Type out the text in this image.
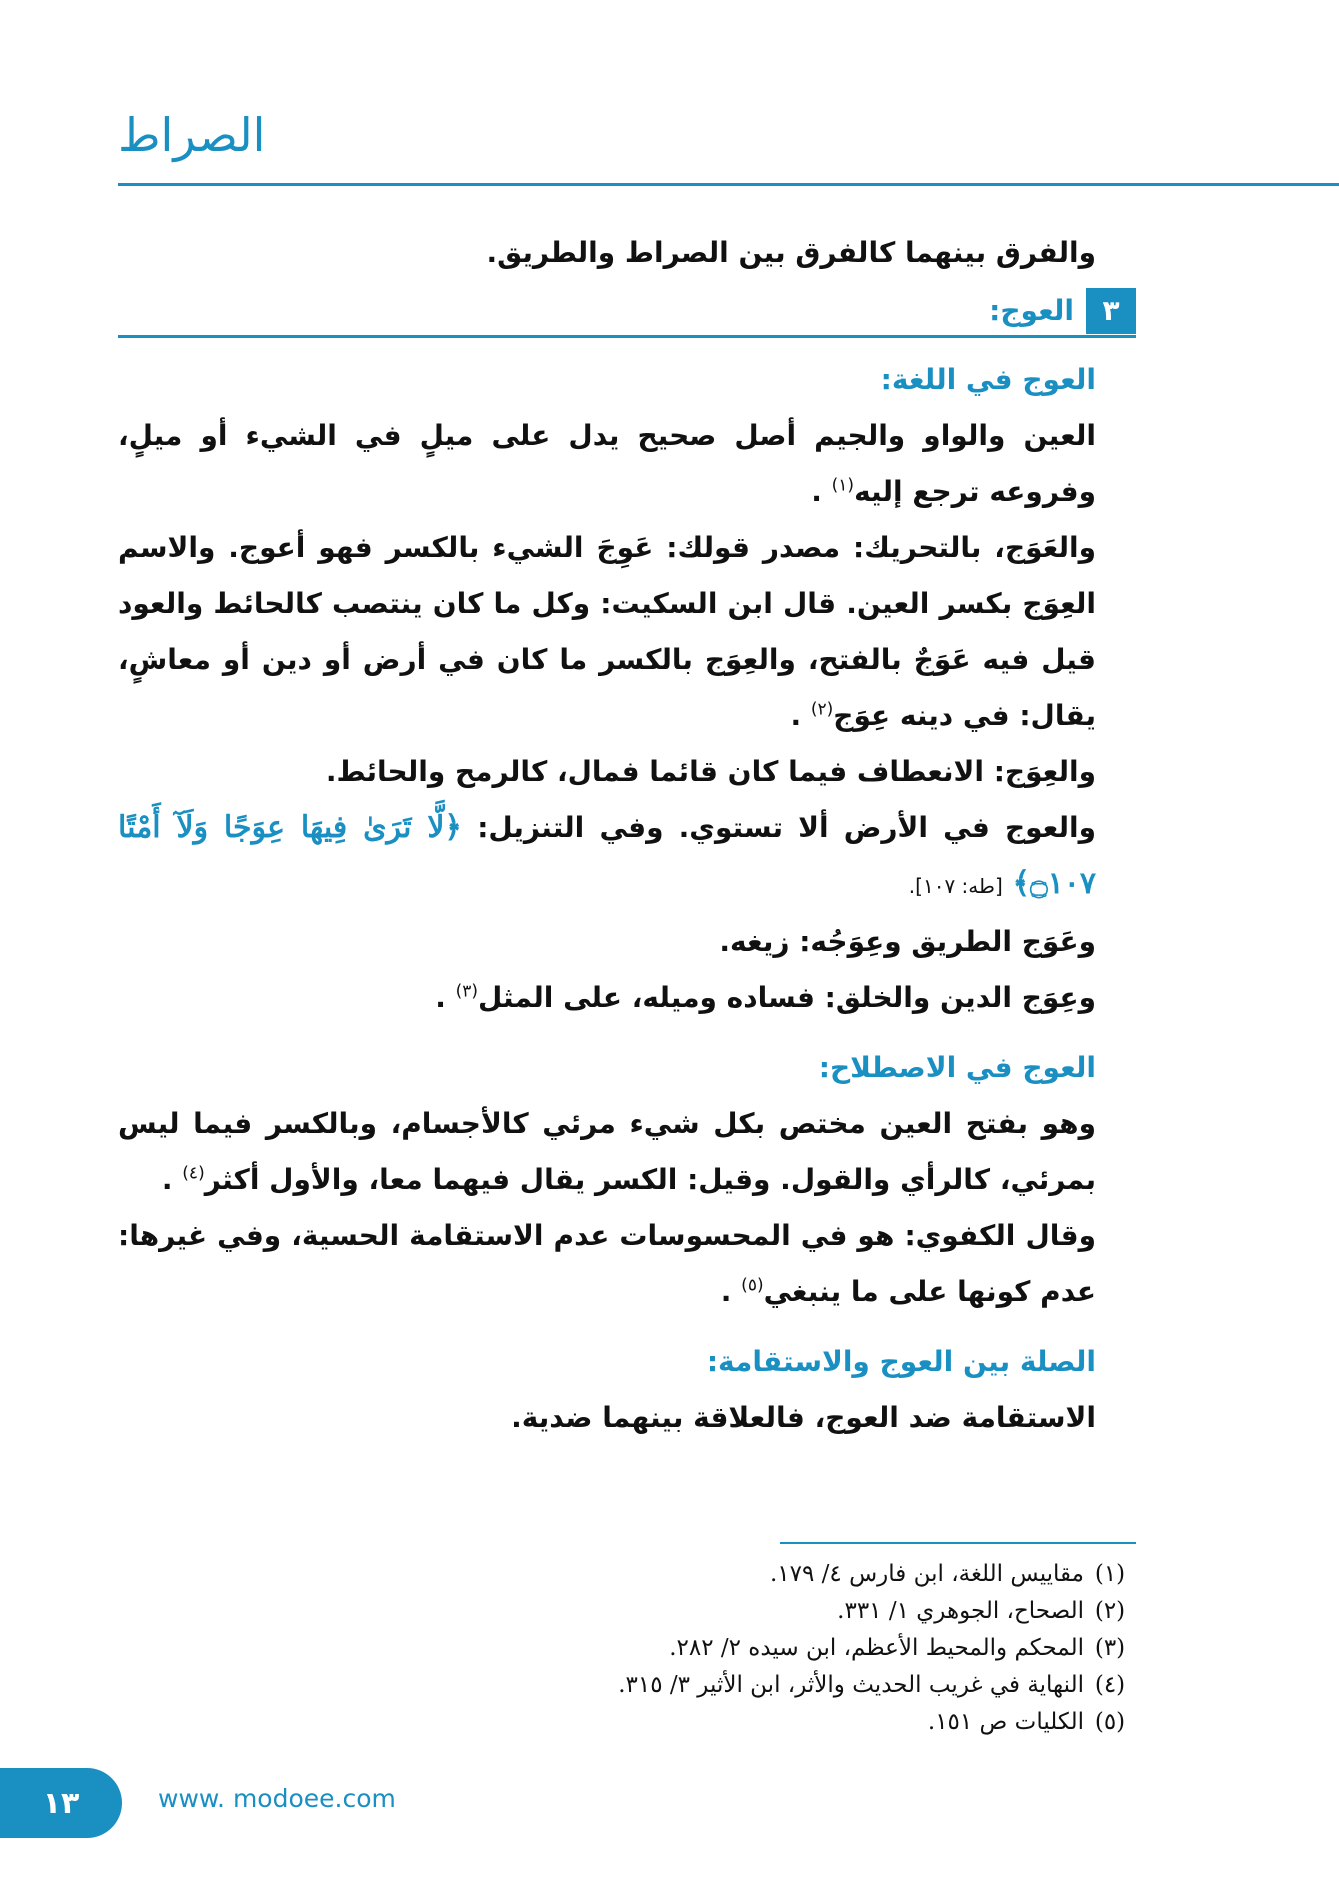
الصراط

والفرق بينهما كالفرق بين الصراط والطريق.

٣
العوج:

العوج في اللغة:

العين والواو والجيم أصل صحيح يدل على ميلٍ في الشيء أو ميلٍ، وفروعه ترجع إليه$^{(١)}$ .

والعَوَج، بالتحريك: مصدر قولك: عَوِجَ الشيء بالكسر فهو أعوج. والاسم العِوَج بكسر العين. قال ابن السكيت: وكل ما كان ينتصب كالحائط والعود قيل فيه عَوَجٌ بالفتح، والعِوَج بالكسر ما كان في أرض أو دين أو معاشٍ، يقال: في دينه عِوَج$^{(٢)}$ .

والعِوَج: الانعطاف فيما كان قائما فمال، كالرمح والحائط.

والعوج في الأرض ألا تستوي. وفي التنزيل: ﴿لَّا تَرَىٰ فِيهَا عِوَجًا وَلَآ أَمْتًا ۝١٠٧﴾ [طه: ١٠٧].

وعَوَج الطريق وعِوَجُه: زيغه.

وعِوَج الدين والخلق: فساده وميله، على المثل$^{(٣)}$ .

العوج في الاصطلاح:

وهو بفتح العين مختص بكل شيء مرئي كالأجسام، وبالكسر فيما ليس بمرئي، كالرأي والقول. وقيل: الكسر يقال فيهما معا، والأول أكثر$^{(٤)}$ .

وقال الكفوي: هو في المحسوسات عدم الاستقامة الحسية، وفي غيرها: عدم كونها على ما ينبغي$^{(٥)}$ .

الصلة بين العوج والاستقامة:

الاستقامة ضد العوج، فالعلاقة بينهما ضدية.

(١)
مقاييس اللغة، ابن فارس ٤/ ١٧٩.
(٢)
الصحاح، الجوهري ١/ ٣٣١.
(٣)
المحكم والمحيط الأعظم، ابن سيده ٢/ ٢٨٢.
(٤)
النهاية في غريب الحديث والأثر، ابن الأثير ٣/ ٣١٥.
(٥)
الكليات ص ١٥١.
١٣	www. modoee.com
